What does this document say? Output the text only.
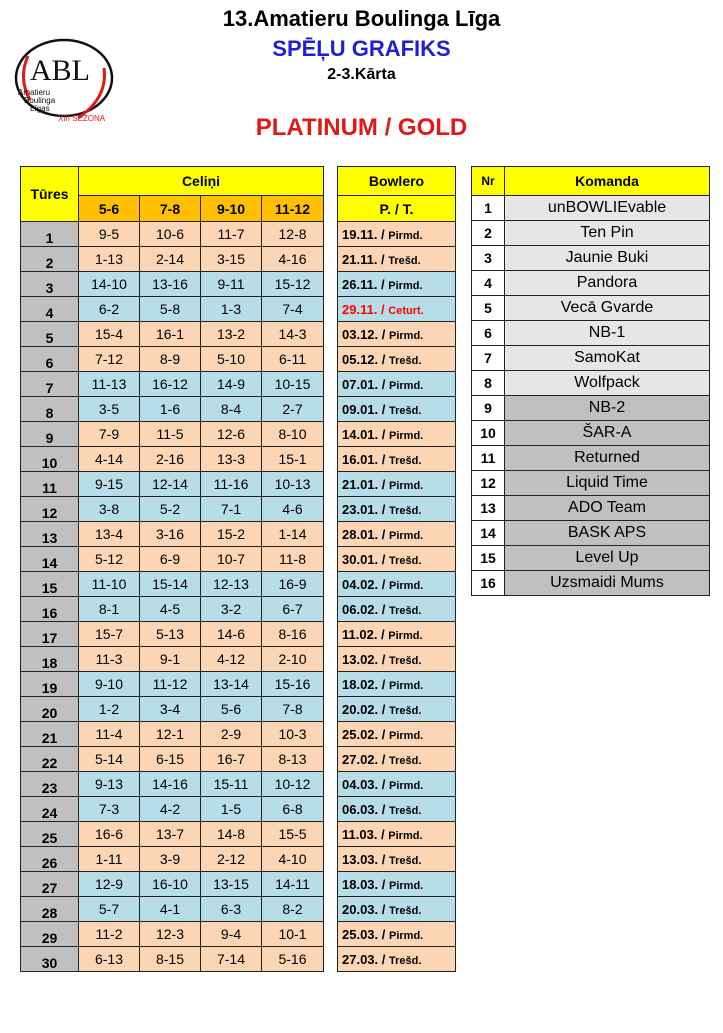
13.Amatieru Boulinga Līga
SPĒĻU GRAFIKS
2-3.Kārta
PLATINUM / GOLD
ABL
Amatieru
Boulinga
Līgas
XIII SEZONA
Tūres	Celiņi					Bowlero
	5-6	7-8	9-10	11-12		P. / T.
1	9-5	10-6	11-7	12-8		19.11. / Pirmd.
2	1-13	2-14	3-15	4-16		21.11. / Trešd.
3	14-10	13-16	9-11	15-12		26.11. / Pirmd.
4	6-2	5-8	1-3	7-4		29.11. / Ceturt.
5	15-4	16-1	13-2	14-3		03.12. / Pirmd.
6	7-12	8-9	5-10	6-11		05.12. / Trešd.
7	11-13	16-12	14-9	10-15		07.01. / Pirmd.
8	3-5	1-6	8-4	2-7		09.01. / Trešd.
9	7-9	11-5	12-6	8-10		14.01. / Pirmd.
10	4-14	2-16	13-3	15-1		16.01. / Trešd.
11	9-15	12-14	11-16	10-13		21.01. / Pirmd.
12	3-8	5-2	7-1	4-6		23.01. / Trešd.
13	13-4	3-16	15-2	1-14		28.01. / Pirmd.
14	5-12	6-9	10-7	11-8		30.01. / Trešd.
15	11-10	15-14	12-13	16-9		04.02. / Pirmd.
16	8-1	4-5	3-2	6-7		06.02. / Trešd.
17	15-7	5-13	14-6	8-16		11.02. / Pirmd.
18	11-3	9-1	4-12	2-10		13.02. / Trešd.
19	9-10	11-12	13-14	15-16		18.02. / Pirmd.
20	1-2	3-4	5-6	7-8		20.02. / Trešd.
21	11-4	12-1	2-9	10-3		25.02. / Pirmd.
22	5-14	6-15	16-7	8-13		27.02. / Trešd.
23	9-13	14-16	15-11	10-12		04.03. / Pirmd.
24	7-3	4-2	1-5	6-8		06.03. / Trešd.
25	16-6	13-7	14-8	15-5		11.03. / Pirmd.
26	1-11	3-9	2-12	4-10		13.03. / Trešd.
27	12-9	16-10	13-15	14-11		18.03. / Pirmd.
28	5-7	4-1	6-3	8-2		20.03. / Trešd.
29	11-2	12-3	9-4	10-1		25.03. / Pirmd.
30	6-13	8-15	7-14	5-16		27.03. / Trešd.
Nr	Komanda
1	unBOWLIEvable
2	Ten Pin
3	Jaunie Buki
4	Pandora
5	Vecā Gvarde
6	NB-1
7	SamoKat
8	Wolfpack
9	NB-2
10	ŠAR-A
11	Returned
12	Liquid Time
13	ADO Team
14	BASK APS
15	Level Up
16	Uzsmaidi Mums
